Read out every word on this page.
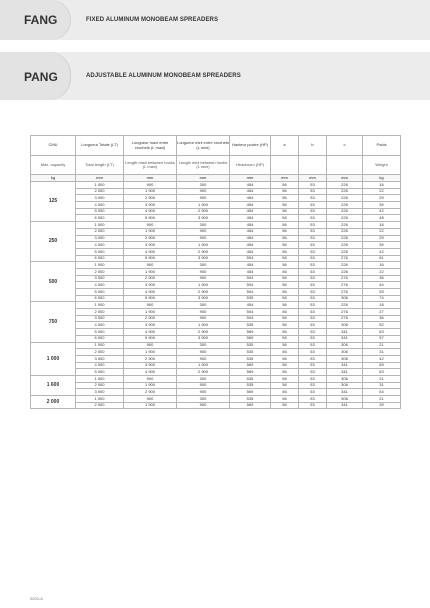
FANG	FIXED ALUMINUM MONOBEAM SPREADERS
PANG	ADJUSTABLE ALUMINUM MONOBEAM SPREADERS
CMU	Longueur Totale (LT)	Longueur maxi entre crochets (L maxi)	Longueur mini entre crochets (L mini)	Hauteur poutre (HP)	a	b	c	Poids
Max. capacity	Total length (LT)	Length maxi between hooks (L maxi)	Length mini between hooks (L mini)	Headroom (HP)				Weight
kg	mm	mm	mm	mm	mm	mm	mm	kg
125	1 000	900	300	454	56	53	226	16
	2 000	1 900	900	454	56	53	226	22
	3 000	2 900	900	454	56	53	226	29
	4 000	3 900	1 900	454	56	53	226	35
	5 000	4 900	2 900	454	56	53	226	42
	6 000	5 900	3 900	454	56	53	226	48
250	1 000	900	300	454	56	53	226	16
	2 000	1 900	900	454	56	53	226	22
	3 000	2 900	900	454	56	53	226	29
	4 000	3 900	1 900	454	56	53	226	35
	5 000	4 900	2 900	454	56	53	226	42
	6 000	5 900	3 900	504	56	53	276	61
500	1 000	900	300	454	56	53	226	16
	2 000	1 900	900	454	56	53	226	22
	3 000	2 900	900	504	56	53	276	36
	4 000	3 900	1 900	504	56	53	276	44
	5 000	4 900	2 900	504	56	53	276	53
	6 000	5 900	3 900	535	56	53	306	74
750	1 000	900	300	454	56	53	226	18
	2 000	1 900	900	504	56	53	276	27
	3 000	2 900	900	504	56	53	276	36
	4 000	3 900	1 900	535	56	53	306	52
	5 000	4 900	2 900	569	56	53	341	63
	6 000	5 900	3 900	569	56	53	341	57
1 000	1 000	900	300	535	56	53	306	21
	2 000	1 900	900	535	56	53	306	31
	3 000	2 900	900	535	56	53	306	42
	4 000	3 900	1 900	569	56	53	341	65
	5 000	4 900	2 900	569	56	53	341	63
1 600	1 000	900	300	535	56	53	306	21
	2 000	1 900	900	535	56	53	306	31
	3 000	2 900	900	569	56	53	341	54
2 000	1 000	900	300	535	56	53	306	21
	2 000	1 900	900	569	56	53	341	39
0203-A
